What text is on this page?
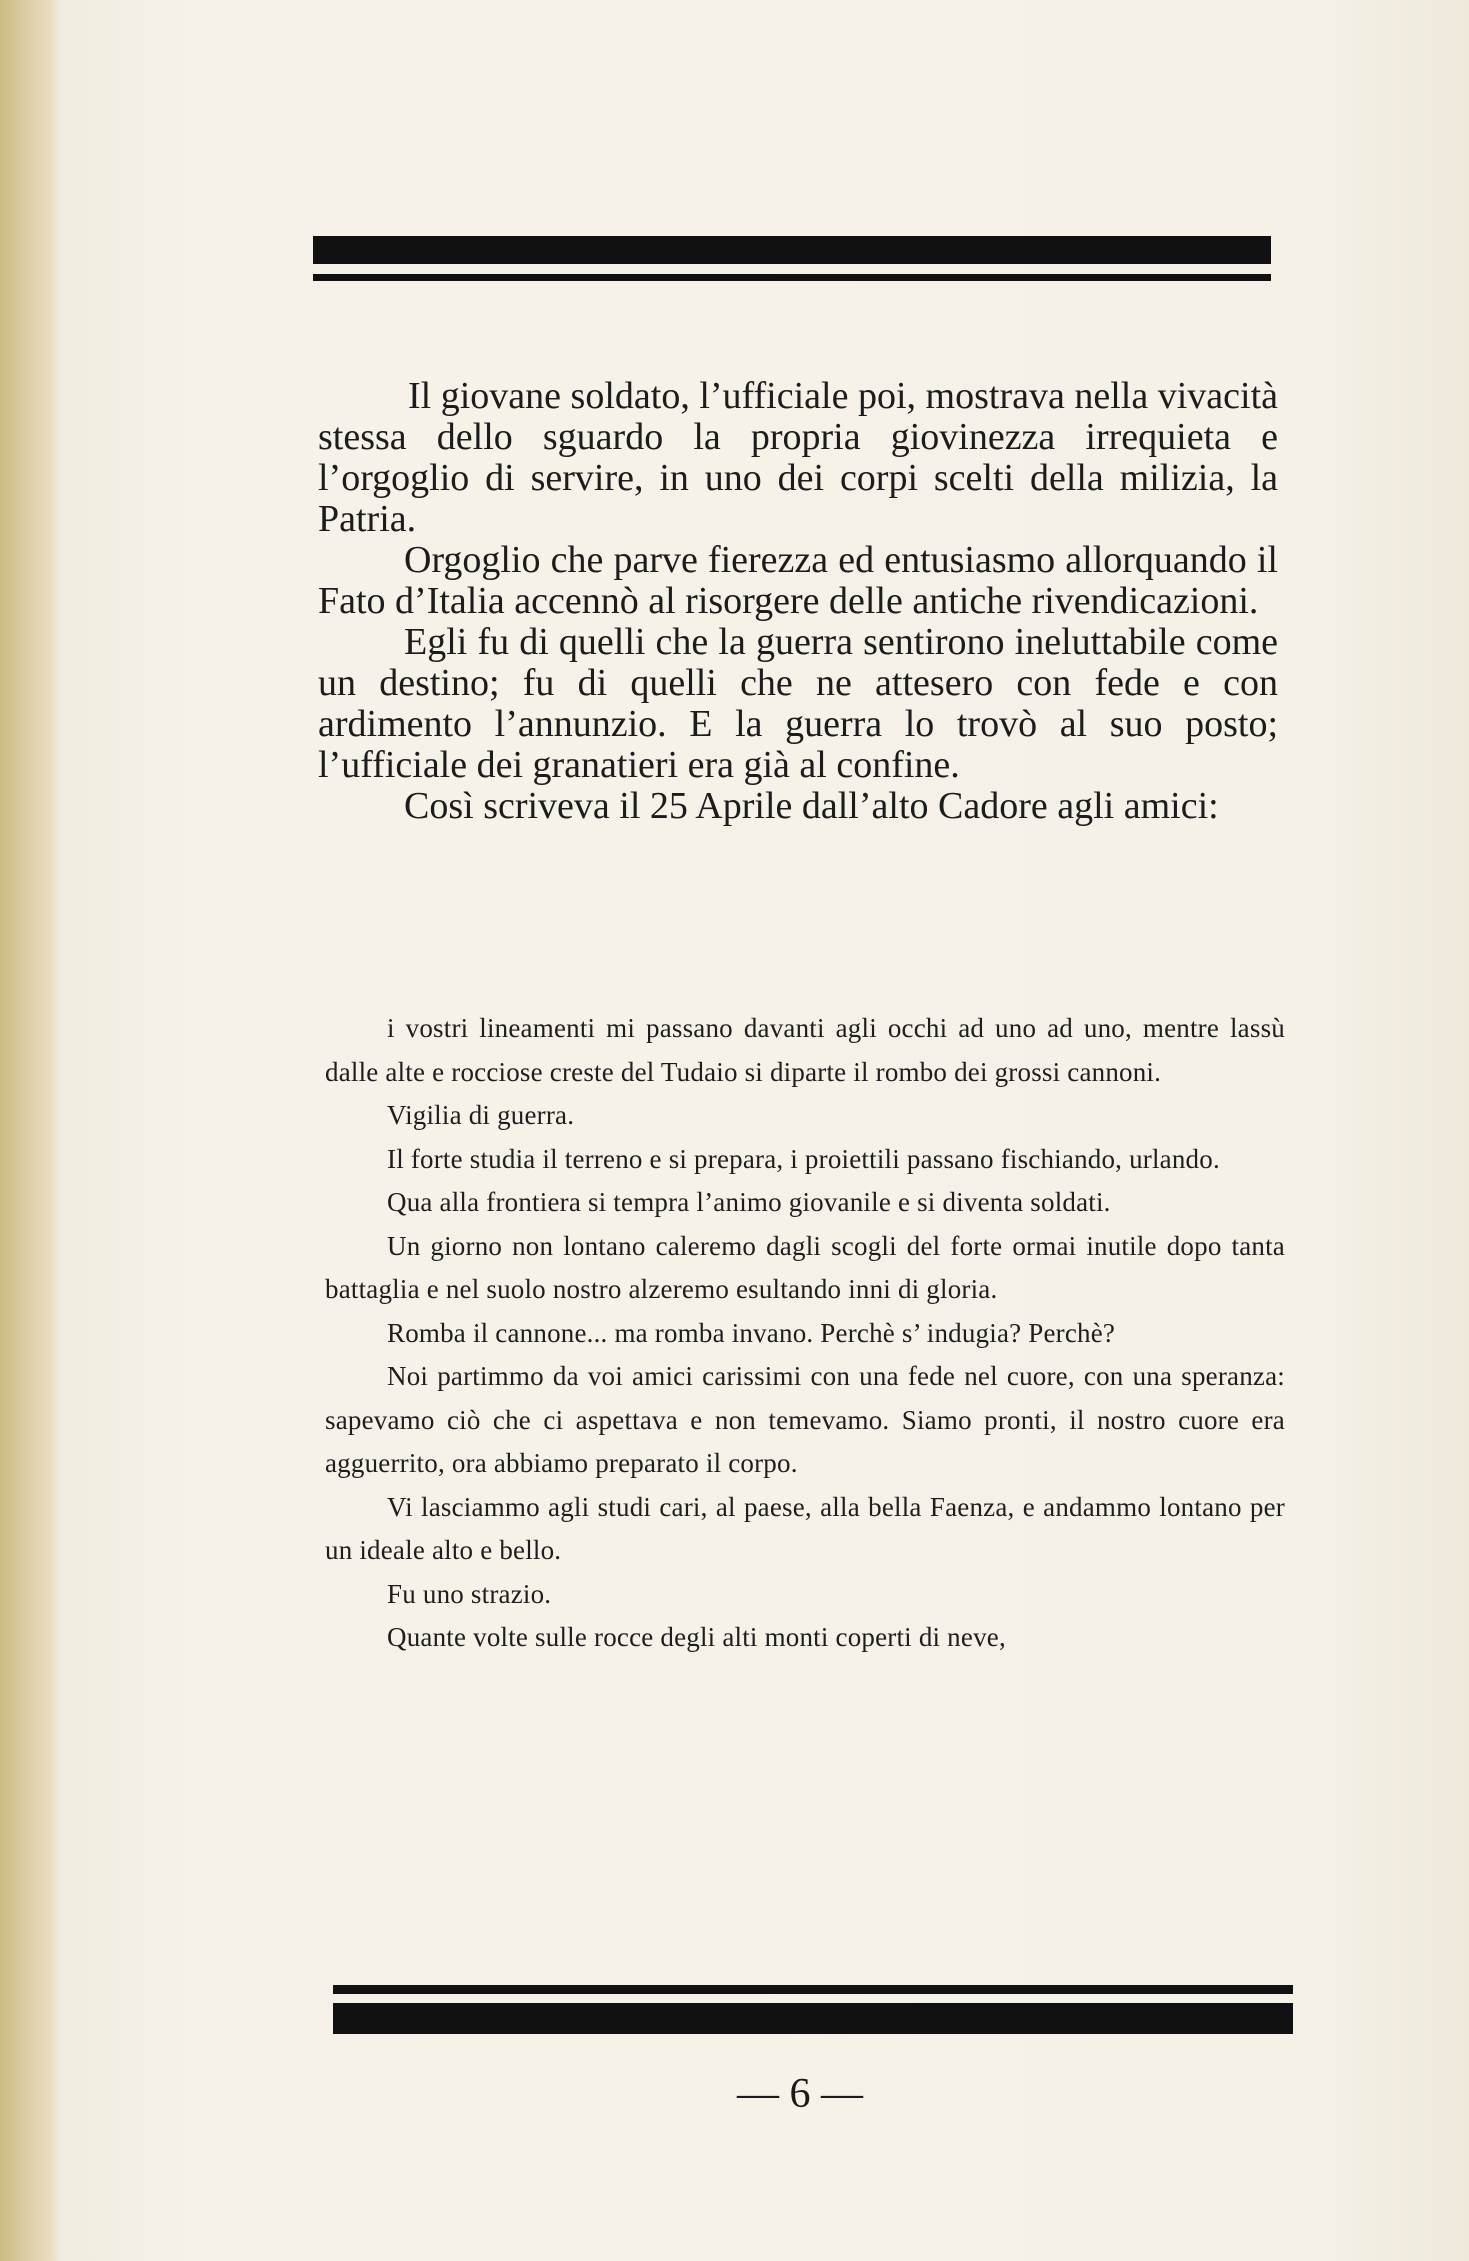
Il giovane soldato, l’ufficiale poi, mostrava nella vivacità stessa dello sguardo la propria giovinezza irrequieta e l’orgoglio di servire, in uno dei corpi scelti della milizia, la Patria.

Orgoglio che parve fierezza ed entusiasmo allorquando il Fato d’Italia accennò al risorgere delle antiche rivendicazioni.

Egli fu di quelli che la guerra sentirono ineluttabile come un destino; fu di quelli che ne attesero con fede e con ardimento l’annunzio. E la guerra lo trovò al suo posto; l’ufficiale dei granatieri era già al confine.

Così scriveva il 25 Aprile dall’alto Cadore agli amici:

i vostri lineamenti mi passano davanti agli occhi ad uno ad uno, mentre lassù dalle alte e rocciose creste del Tudaio si diparte il rombo dei grossi cannoni.

Vigilia di guerra.

Il forte studia il terreno e si prepara, i proiettili passano fischiando, urlando.

Qua alla frontiera si tempra l’animo giovanile e si diventa soldati.

Un giorno non lontano caleremo dagli scogli del forte ormai inutile dopo tanta battaglia e nel suolo nostro alzeremo esultando inni di gloria.

Romba il cannone... ma romba invano. Perchè s’ indugia? Perchè?

Noi partimmo da voi amici carissimi con una fede nel cuore, con una speranza: sapevamo ciò che ci aspettava e non temevamo. Siamo pronti, il nostro cuore era agguerrito, ora abbiamo preparato il corpo.

Vi lasciammo agli studi cari, al paese, alla bella Faenza, e andammo lontano per un ideale alto e bello.

Fu uno strazio.

Quante volte sulle rocce degli alti monti coperti di neve,

— 6 —
